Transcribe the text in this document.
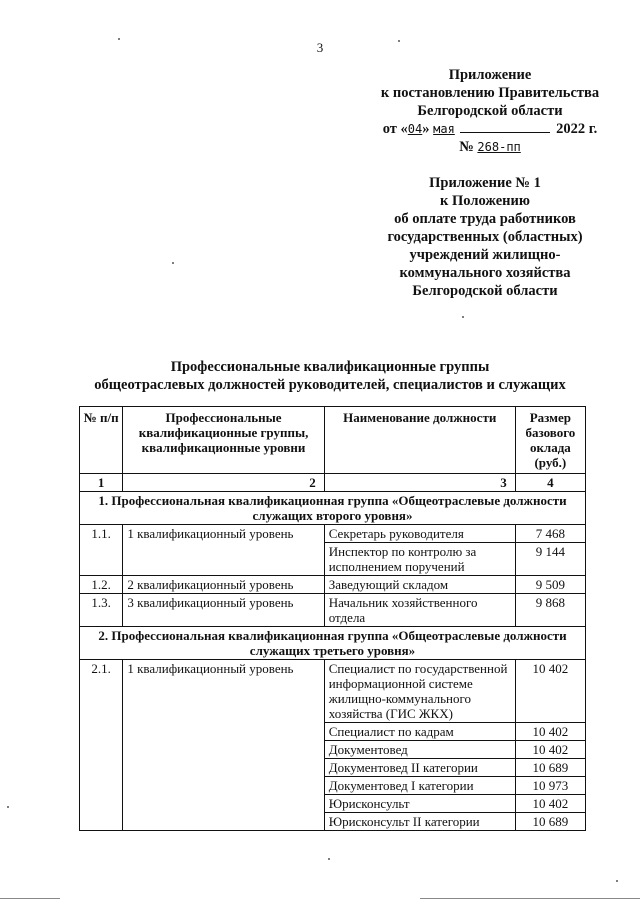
3
Приложение
к постановлению Правительства
Белгородской области
от «04» мая	2022 г.
№ 268-пп
Приложение № 1
к Положению
об оплате труда работников
государственных (областных)
учреждений жилищно-
коммунального хозяйства
Белгородской области
Профессиональные квалификационные группы
общеотраслевых должностей руководителей, специалистов и служащих
№ п/п	Профессиональные квалификационные группы, квалификационные уровни	Наименование должности	Размер базового оклада (руб.)
1	2	3	4
1. Профессиональная квалификационная группа «Общеотраслевые должности служащих второго уровня»			
1.1.	1 квалификационный уровень	Секретарь руководителя	7 468
		Инспектор по контролю за исполнением поручений	9 144
1.2.	2 квалификационный уровень	Заведующий складом	9 509
1.3.	3 квалификационный уровень	Начальник хозяйственного отдела	9 868
2. Профессиональная квалификационная группа «Общеотраслевые должности служащих третьего уровня»			
2.1.	1 квалификационный уровень	Специалист по государственной информационной системе жилищно-коммунального хозяйства (ГИС ЖКХ)	10 402
		Специалист по кадрам	10 402
		Документовед	10 402
		Документовед II категории	10 689
		Документовед I категории	10 973
		Юрисконсульт	10 402
		Юрисконсульт II категории	10 689
